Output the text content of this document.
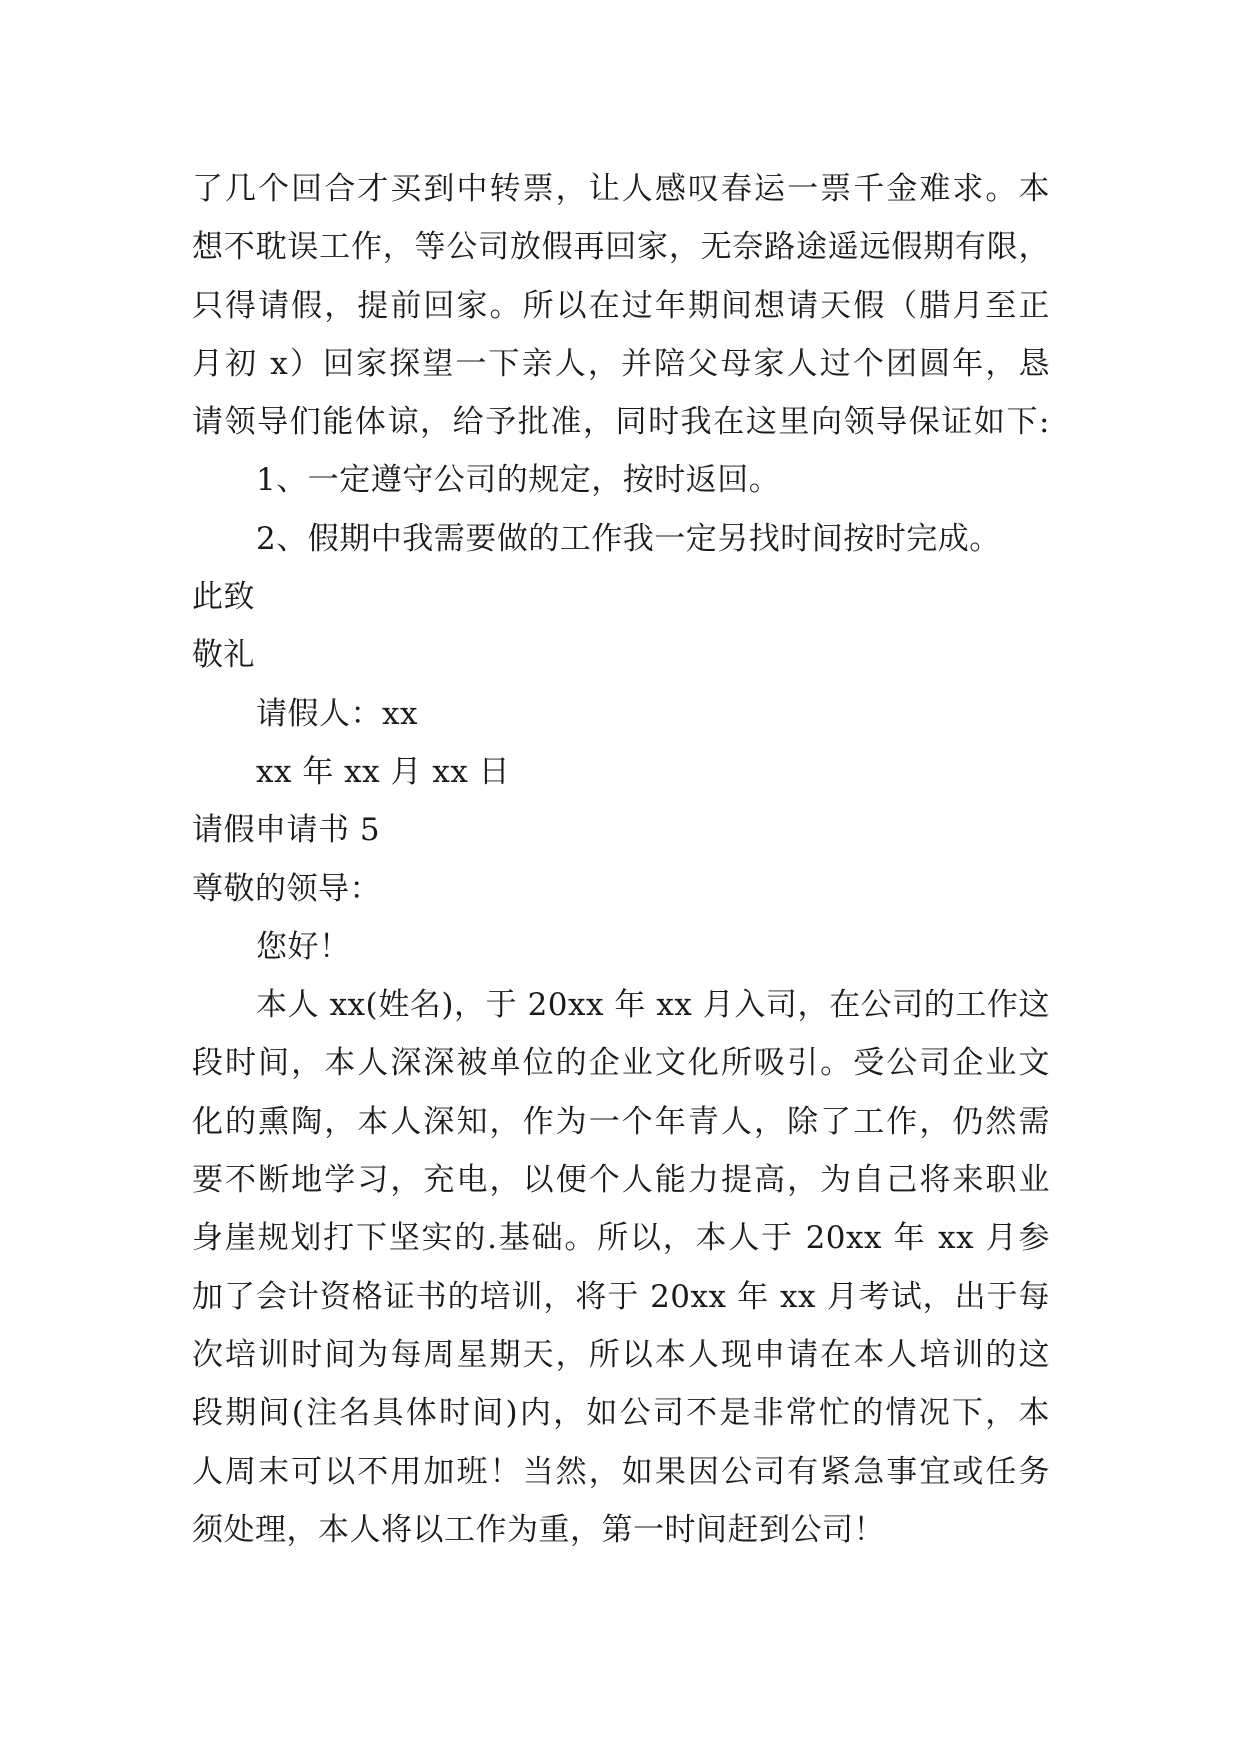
了几个回合才买到中转票，让人感叹春运一票千金难求。本
想不耽误工作，等公司放假再回家，无奈路途遥远假期有限，
只得请假，提前回家。所以在过年期间想请天假（腊月至正
月初 x）回家探望一下亲人，并陪父母家人过个团圆年，恳
请领导们能体谅，给予批准，同时我在这里向领导保证如下:
1、一定遵守公司的规定，按时返回。
2、假期中我需要做的工作我一定另找时间按时完成。
此致
敬礼
请假人：xx
xx 年 xx 月 xx 日
请假申请书 5
尊敬的领导：
您好！
本人 xx(姓名)，于 20xx 年 xx 月入司，在公司的工作这
段时间，本人深深被单位的企业文化所吸引。受公司企业文
化的熏陶，本人深知，作为一个年青人，除了工作，仍然需
要不断地学习，充电，以便个人能力提高，为自己将来职业
身崖规划打下坚实的.基础。所以，本人于 20xx 年 xx 月参
加了会计资格证书的培训，将于 20xx 年 xx 月考试，出于每
次培训时间为每周星期天，所以本人现申请在本人培训的这
段期间(注名具体时间)内，如公司不是非常忙的情况下，本
人周末可以不用加班！当然，如果因公司有紧急事宜或任务
须处理，本人将以工作为重，第一时间赶到公司！
